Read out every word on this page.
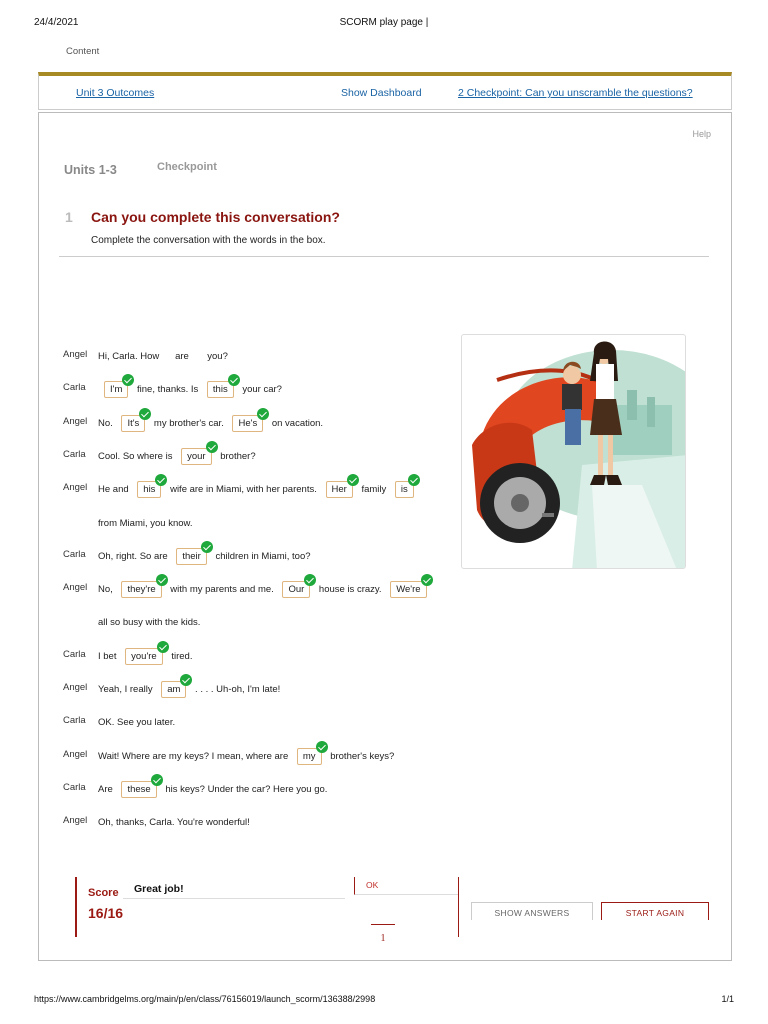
24/4/2021	SCORM play page |
Content
Unit 3 Outcomes	Show Dashboard	2 Checkpoint: Can you unscramble the questions?
Help
Units 1-3	Checkpoint
1 Can you complete this conversation?
Complete the conversation with the words in the box.
Angel	Hi, Carla. How      are       you?
Carla	I'm	fine, thanks. Is	this	your car?
Angel	No.	It's	my brother's car.	He's	on vacation.
Carla	Cool. So where is	your	brother?
Angel	He and	his	wife are in Miami, with her parents.	Her	family	is
from Miami, you know.
Carla	Oh, right. So are	their	children in Miami, too?
Angel	No,	they're	with my parents and me.	Our	house is crazy.	We're
all so busy with the kids.
Carla	I bet	you're	tired.
Angel	Yeah, I really	am	. . . . Uh-oh, I'm late!
Carla	OK. See you later.
Angel	Wait! Where are my keys? I mean, where are	my	brother's keys?
Carla	Are	these	his keys? Under the car? Here you go.
Angel	Oh, thanks, Carla. You're wonderful!
Score
16/16
Great job!	OK
SHOW ANSWERS	START AGAIN
1
https://www.cambridgelms.org/main/p/en/class/76156019/launch_scorm/136388/2998	1/1
